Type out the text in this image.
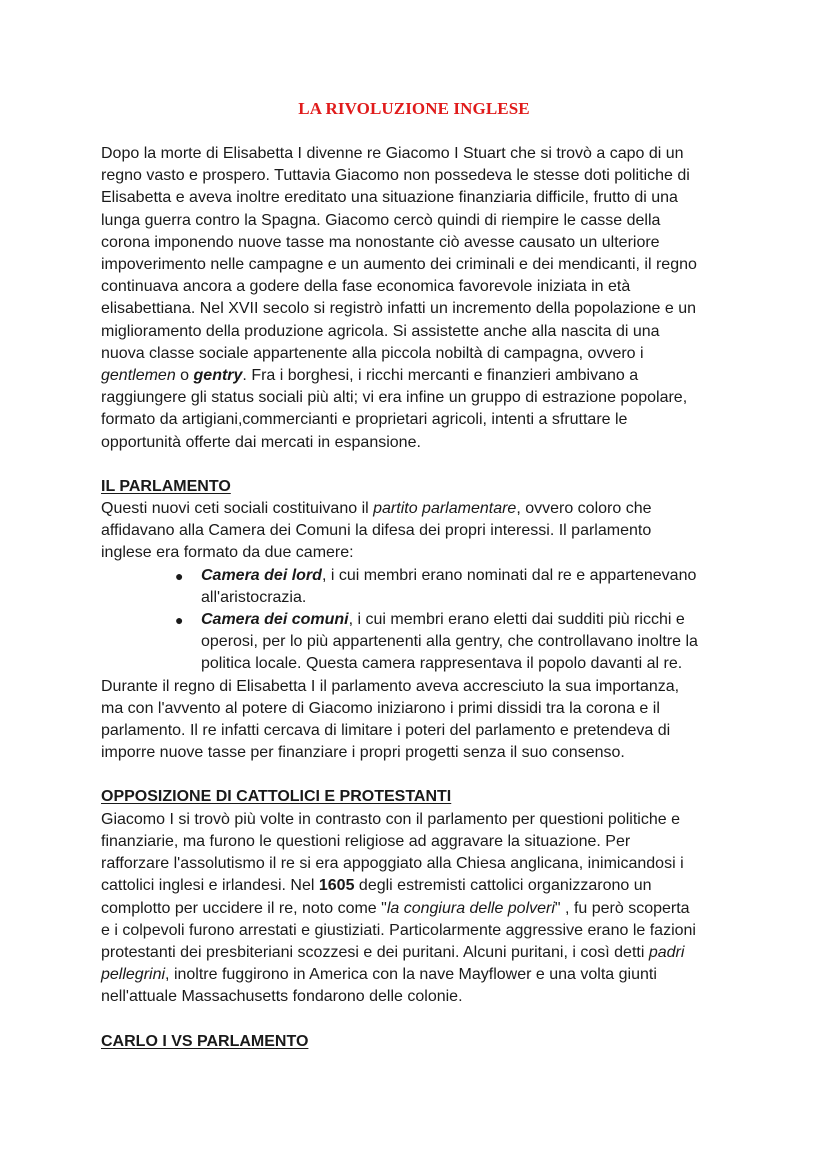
LA RIVOLUZIONE INGLESE

Dopo la morte di Elisabetta I divenne re Giacomo I Stuart che si trovò a capo di un
regno vasto e prospero. Tuttavia Giacomo non possedeva le stesse doti politiche di
Elisabetta e aveva inoltre ereditato una situazione finanziaria difficile, frutto di una
lunga guerra contro la Spagna. Giacomo cercò quindi di riempire le casse della
corona imponendo nuove tasse ma nonostante ciò avesse causato un ulteriore
impoverimento nelle campagne e un aumento dei criminali e dei mendicanti, il regno
continuava ancora a godere della fase economica favorevole iniziata in età
elisabettiana. Nel XVII secolo si registrò infatti un incremento della popolazione e un
miglioramento della produzione agricola. Si assistette anche alla nascita di una
nuova classe sociale appartenente alla piccola nobiltà di campagna, ovvero i
gentlemen o gentry. Fra i borghesi, i ricchi mercanti e finanzieri ambivano a
raggiungere gli status sociali più alti; vi era infine un gruppo di estrazione popolare,
formato da artigiani,commercianti e proprietari agricoli, intenti a sfruttare le
opportunità offerte dai mercati in espansione.

IL PARLAMENTO
Questi nuovi ceti sociali costituivano il partito parlamentare, ovvero coloro che
affidavano alla Camera dei Comuni la difesa dei propri interessi. Il parlamento
inglese era formato da due camere:
● Camera dei lord, i cui membri erano nominati dal re e appartenevano
all'aristocrazia.
● Camera dei comuni, i cui membri erano eletti dai sudditi più ricchi e
operosi, per lo più appartenenti alla gentry, che controllavano inoltre la
politica locale. Questa camera rappresentava il popolo davanti al re.
Durante il regno di Elisabetta I il parlamento aveva accresciuto la sua importanza,
ma con l'avvento al potere di Giacomo iniziarono i primi dissidi tra la corona e il
parlamento. Il re infatti cercava di limitare i poteri del parlamento e pretendeva di
imporre nuove tasse per finanziare i propri progetti senza il suo consenso.
OPPOSIZIONE DI CATTOLICI E PROTESTANTI
Giacomo I si trovò più volte in contrasto con il parlamento per questioni politiche e
finanziarie, ma furono le questioni religiose ad aggravare la situazione. Per
rafforzare l'assolutismo il re si era appoggiato alla Chiesa anglicana, inimicandosi i
cattolici inglesi e irlandesi. Nel 1605 degli estremisti cattolici organizzarono un
complotto per uccidere il re, noto come "la congiura delle polveri" , fu però scoperta
e i colpevoli furono arrestati e giustiziati. Particolarmente aggressive erano le fazioni
protestanti dei presbiteriani scozzesi e dei puritani. Alcuni puritani, i così detti padri
pellegrini, inoltre fuggirono in America con la nave Mayflower e una volta giunti
nell'attuale Massachusetts fondarono delle colonie.
CARLO I VS PARLAMENTO
